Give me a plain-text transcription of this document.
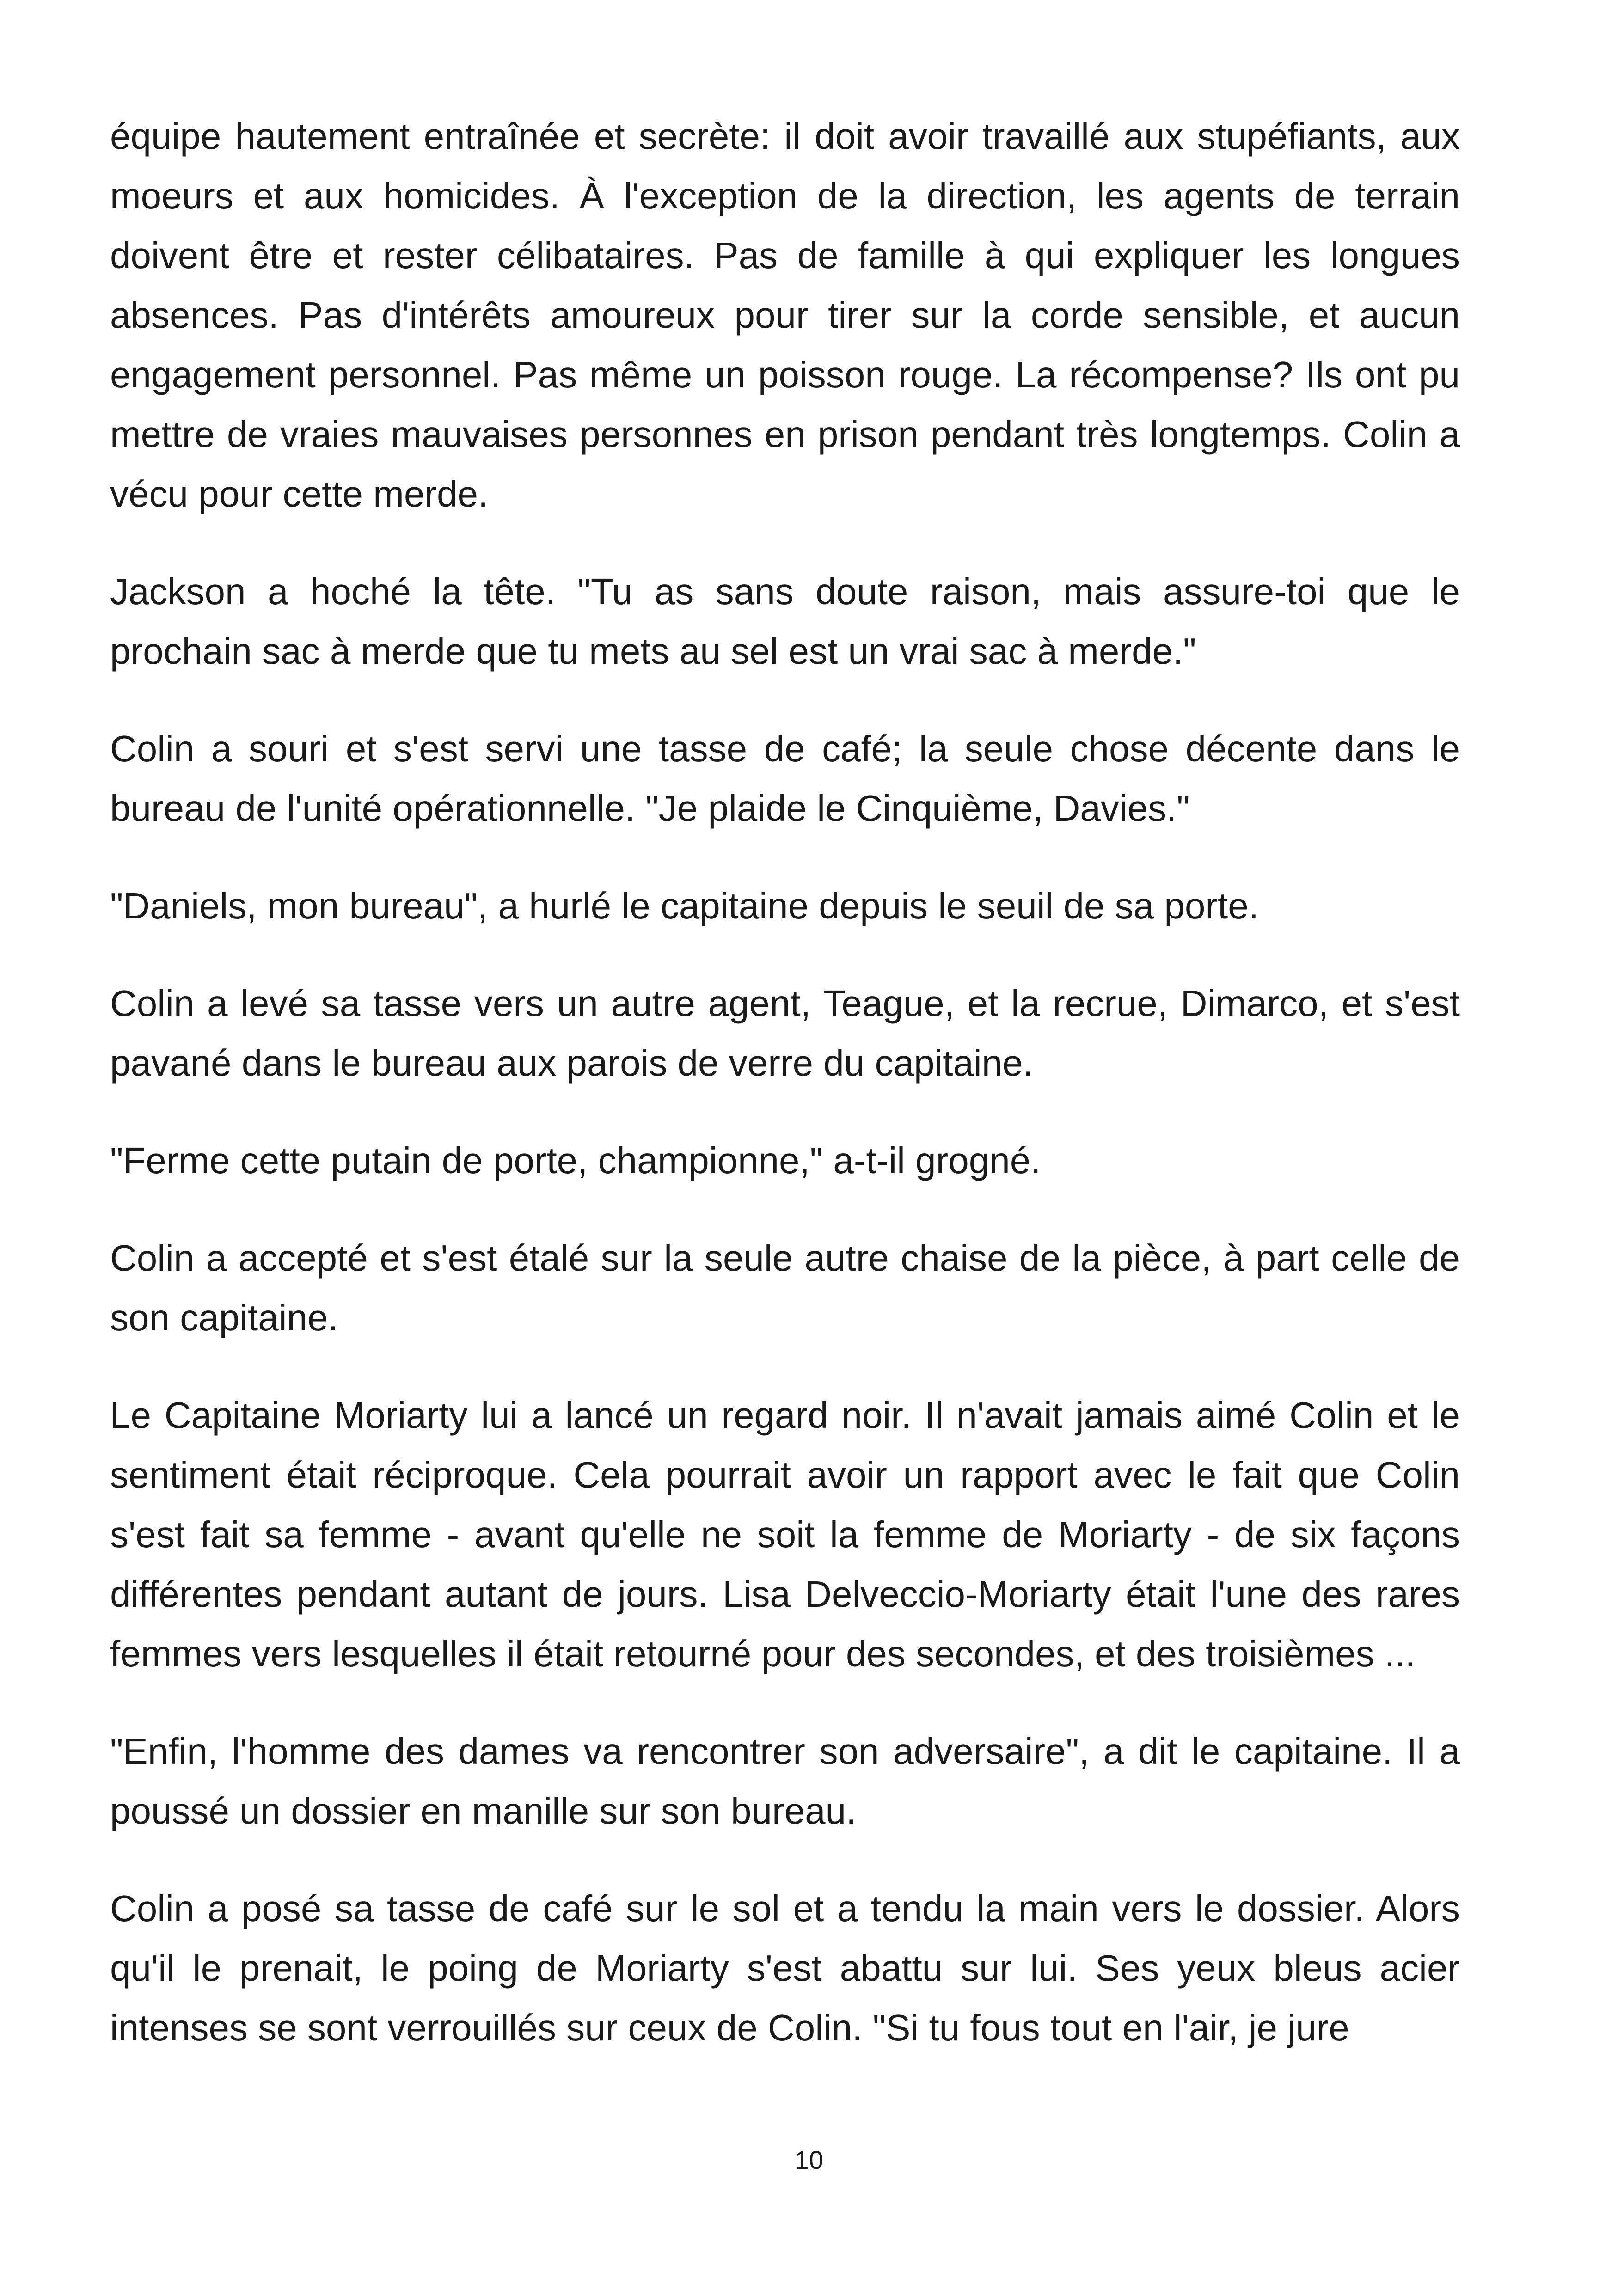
équipe hautement entraînée et secrète: il doit avoir travaillé aux stupéfiants, aux moeurs et aux homicides. À l'exception de la direction, les agents de terrain doivent être et rester célibataires. Pas de famille à qui expliquer les longues absences. Pas d'intérêts amoureux pour tirer sur la corde sensible, et aucun engagement personnel. Pas même un poisson rouge. La récompense? Ils ont pu mettre de vraies mauvaises personnes en prison pendant très longtemps. Colin a vécu pour cette merde.

Jackson a hoché la tête. "Tu as sans doute raison, mais assure-toi que le prochain sac à merde que tu mets au sel est un vrai sac à merde."

Colin a souri et s'est servi une tasse de café; la seule chose décente dans le bureau de l'unité opérationnelle. "Je plaide le Cinquième, Davies."

"Daniels, mon bureau", a hurlé le capitaine depuis le seuil de sa porte.

Colin a levé sa tasse vers un autre agent, Teague, et la recrue, Dimarco, et s'est pavané dans le bureau aux parois de verre du capitaine.

"Ferme cette putain de porte, championne," a-t-il grogné.

Colin a accepté et s'est étalé sur la seule autre chaise de la pièce, à part celle de son capitaine.

Le Capitaine Moriarty lui a lancé un regard noir. Il n'avait jamais aimé Colin et le sentiment était réciproque. Cela pourrait avoir un rapport avec le fait que Colin s'est fait sa femme - avant qu'elle ne soit la femme de Moriarty - de six façons différentes pendant autant de jours. Lisa Delveccio-Moriarty était l'une des rares femmes vers lesquelles il était retourné pour des secondes, et des troisièmes ...

"Enfin, l'homme des dames va rencontrer son adversaire", a dit le capitaine. Il a poussé un dossier en manille sur son bureau.

Colin a posé sa tasse de café sur le sol et a tendu la main vers le dossier. Alors qu'il le prenait, le poing de Moriarty s'est abattu sur lui. Ses yeux bleus acier intenses se sont verrouillés sur ceux de Colin. "Si tu fous tout en l'air, je jure

10
